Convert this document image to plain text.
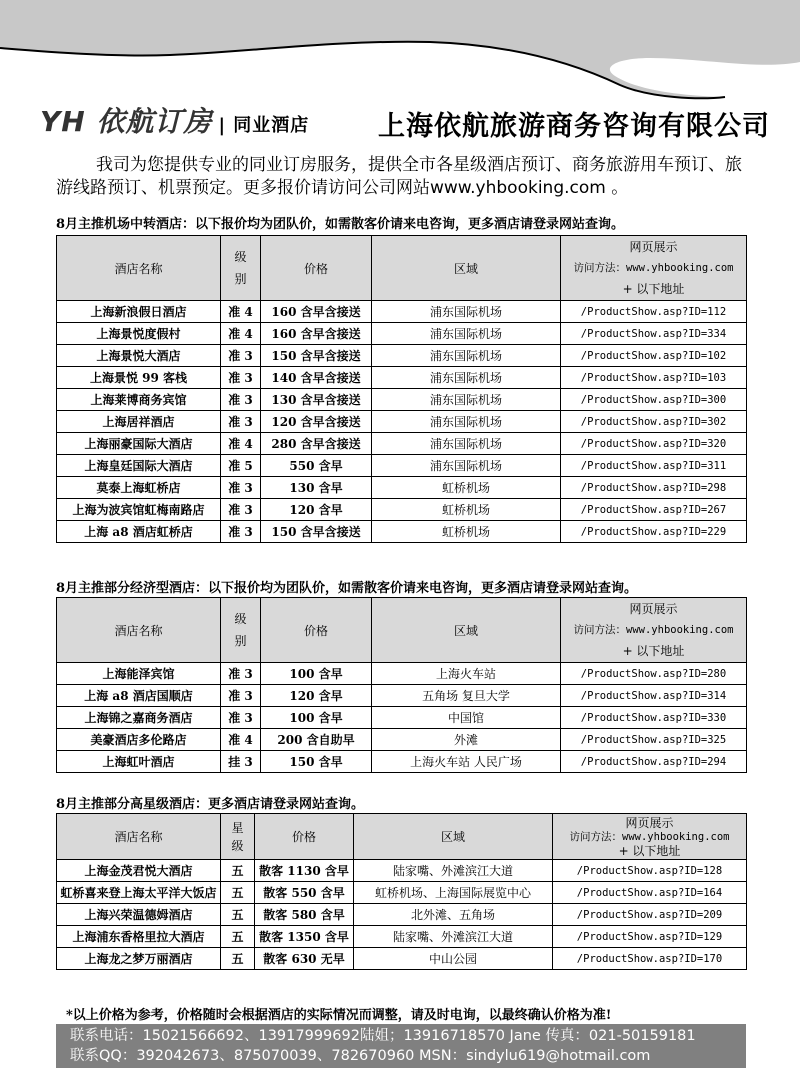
YH 依航订房 | 同业酒店	上海依航旅游商务咨询有限公司
我司为您提供专业的同业订房服务，提供全市各星级酒店预订、商务旅游用车预订、旅游线路预订、机票预定。更多报价请访问公司网站www.yhbooking.com 。
8月主推机场中转酒店：以下报价均为团队价，如需散客价请来电咨询，更多酒店请登录网站查询。
酒店名称	级别	价格	区域	网页展示
访问方法：www.yhbooking.com
+ 以下地址

上海新浪假日酒店	准 4	160 含早含接送	浦东国际机场	/ProductShow.asp?ID=112
上海景悦度假村	准 4	160 含早含接送	浦东国际机场	/ProductShow.asp?ID=334
上海景悦大酒店	准 3	150 含早含接送	浦东国际机场	/ProductShow.asp?ID=102
上海景悦 99 客栈	准 3	140 含早含接送	浦东国际机场	/ProductShow.asp?ID=103
上海莱博商务宾馆	准 3	130 含早含接送	浦东国际机场	/ProductShow.asp?ID=300
上海居祥酒店	准 3	120 含早含接送	浦东国际机场	/ProductShow.asp?ID=302
上海丽豪国际大酒店	准 4	280 含早含接送	浦东国际机场	/ProductShow.asp?ID=320
上海皇廷国际大酒店	准 5	550 含早	浦东国际机场	/ProductShow.asp?ID=311
莫泰上海虹桥店	准 3	130 含早	虹桥机场	/ProductShow.asp?ID=298
上海为波宾馆虹梅南路店	准 3	120 含早	虹桥机场	/ProductShow.asp?ID=267
上海 a8 酒店虹桥店	准 3	150 含早含接送	虹桥机场	/ProductShow.asp?ID=229
8月主推部分经济型酒店：以下报价均为团队价，如需散客价请来电咨询，更多酒店请登录网站查询。
酒店名称	级别	价格	区域	网页展示
访问方法：www.yhbooking.com
+ 以下地址

上海能泽宾馆	准 3	100 含早	上海火车站	/ProductShow.asp?ID=280
上海 a8 酒店国顺店	准 3	120 含早	五角场 复旦大学	/ProductShow.asp?ID=314
上海锦之嘉商务酒店	准 3	100 含早	中国馆	/ProductShow.asp?ID=330
美豪酒店多伦路店	准 4	200 含自助早	外滩	/ProductShow.asp?ID=325
上海虹叶酒店	挂 3	150 含早	上海火车站 人民广场	/ProductShow.asp?ID=294
8月主推部分高星级酒店：更多酒店请登录网站查询。
酒店名称	星级	价格	区域	网页展示
访问方法：www.yhbooking.com
+ 以下地址

上海金茂君悦大酒店	五	散客 1130 含早	陆家嘴、外滩滨江大道	/ProductShow.asp?ID=128
虹桥喜来登上海太平洋大饭店	五	散客 550 含早	虹桥机场、上海国际展览中心	/ProductShow.asp?ID=164
上海兴荣温德姆酒店	五	散客 580 含早	北外滩、五角场	/ProductShow.asp?ID=209
上海浦东香格里拉大酒店	五	散客 1350 含早	陆家嘴、外滩滨江大道	/ProductShow.asp?ID=129
上海龙之梦万丽酒店	五	散客 630 无早	中山公园	/ProductShow.asp?ID=170
*以上价格为参考，价格随时会根据酒店的实际情况而调整，请及时电询，以最终确认价格为准!
联系电话：15021566692、13917999692陆姐；13916718570 Jane 传真：021-50159181
联系QQ：392042673、875070039、782670960 MSN：sindylu619@hotmail.com
